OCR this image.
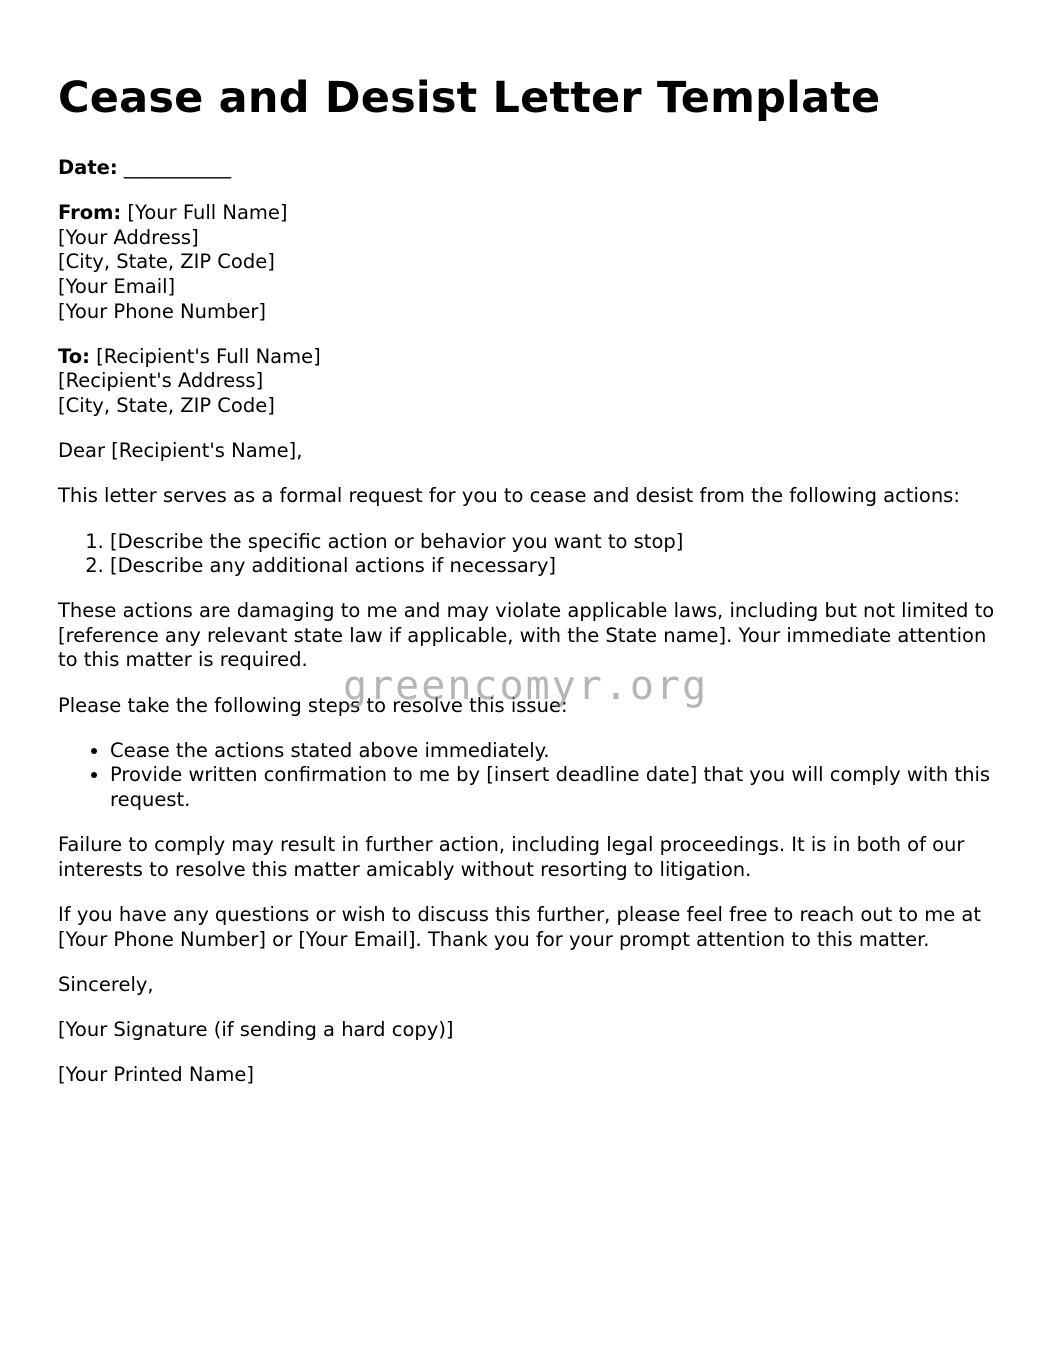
Cease and Desist Letter Template

Date: ___________

From: [Your Full Name]
[Your Address]
[City, State, ZIP Code]
[Your Email]
[Your Phone Number]

To: [Recipient's Full Name]
[Recipient's Address]
[City, State, ZIP Code]

Dear [Recipient's Name],

This letter serves as a formal request for you to cease and desist from the following actions:

1. [Describe the specific action or behavior you want to stop]
2. [Describe any additional actions if necessary]

These actions are damaging to me and may violate applicable laws, including but not limited to [reference any relevant state law if applicable, with the State name]. Your immediate attention to this matter is required.

Please take the following steps to resolve this issue:

• Cease the actions stated above immediately.
• Provide written confirmation to me by [insert deadline date] that you will comply with this request.

Failure to comply may result in further action, including legal proceedings. It is in both of our interests to resolve this matter amicably without resorting to litigation.

If you have any questions or wish to discuss this further, please feel free to reach out to me at [Your Phone Number] or [Your Email]. Thank you for your prompt attention to this matter.

Sincerely,

[Your Signature (if sending a hard copy)]

[Your Printed Name]

greencomyr.org
